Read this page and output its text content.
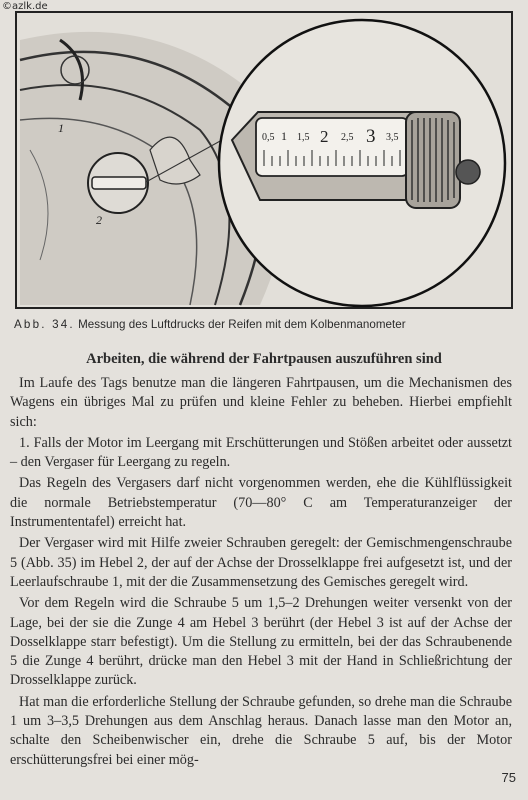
©azlk.de
1
2
0,5 1 1,5 2 2,5 3 3,5
Abb. 34. Messung des Luftdrucks der Reifen mit dem Kolbenmanometer
Arbeiten, die während der Fahrtpausen auszuführen sind

Im Laufe des Tags benutze man die längeren Fahrtpausen, um die Mechanismen des Wagens ein übriges Mal zu prüfen und kleine Fehler zu beheben. Hierbei empfiehlt sich:

1. Falls der Motor im Leergang mit Erschütterungen und Stößen arbeitet oder aussetzt – den Vergaser für Leergang zu regeln.

Das Regeln des Vergasers darf nicht vorgenommen werden, ehe die Kühlflüssigkeit die normale Betriebstemperatur (70—80° C am Temperaturanzeiger der Instrumententafel) erreicht hat.

Der Vergaser wird mit Hilfe zweier Schrauben geregelt: der Gemischmengenschraube 5 (Abb. 35) im Hebel 2, der auf der Achse der Drosselklappe frei aufgesetzt ist, und der Leerlaufschraube 1, mit der die Zusammensetzung des Gemisches geregelt wird.

Vor dem Regeln wird die Schraube 5 um 1,5–2 Drehungen weiter versenkt von der Lage, bei der sie die Zunge 4 am Hebel 3 berührt (der Hebel 3 ist auf der Achse der Dosselklappe starr befestigt). Um die Stellung zu ermitteln, bei der das Schraubenende 5 die Zunge 4 berührt, drücke man den Hebel 3 mit der Hand in Schließrichtung der Drosselklappe zurück.

Hat man die erforderliche Stellung der Schraube gefunden, so drehe man die Schraube 1 um 3–3,5 Drehungen aus dem Anschlag heraus. Danach lasse man den Motor an, schalte den Scheibenwischer ein, drehe die Schraube 5 auf, bis der Motor erschütterungsfrei bei einer mög-

75
